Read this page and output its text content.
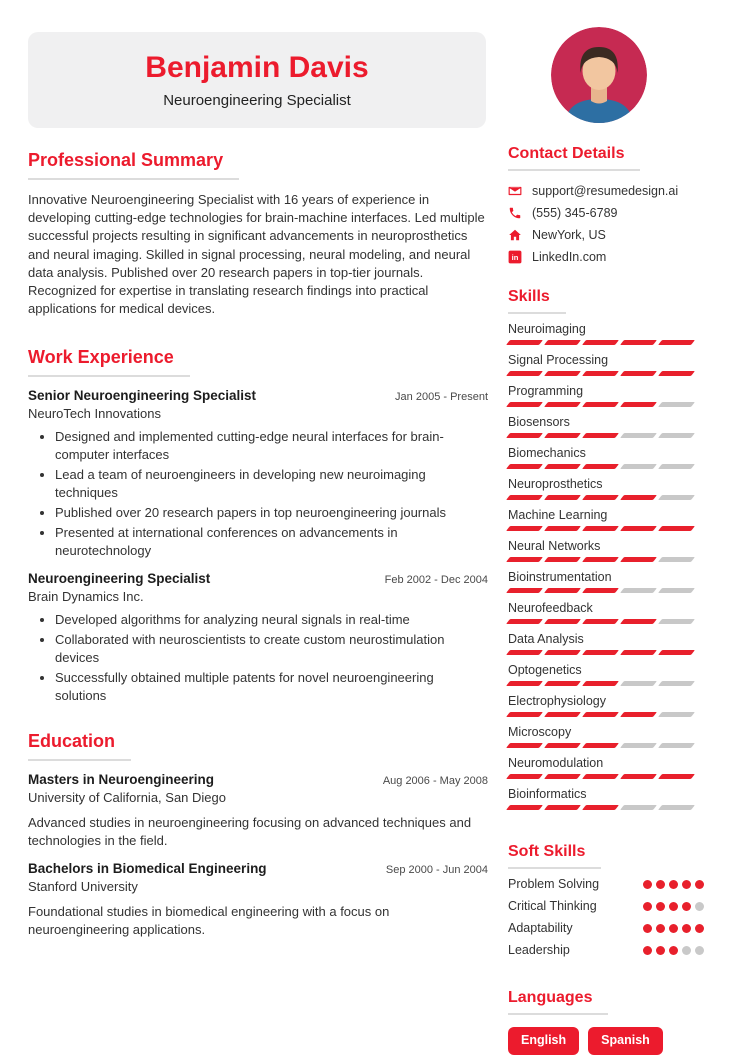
Benjamin Davis
Neuroengineering Specialist
Professional Summary

Innovative Neuroengineering Specialist with 16 years of experience in developing cutting-edge technologies for brain-machine interfaces. Led multiple successful projects resulting in significant advancements in neuroprosthetics and neural imaging. Skilled in signal processing, neural modeling, and neural data analysis. Published over 20 research papers in top-tier journals. Recognized for expertise in translating research findings into practical applications for medical devices.

Work Experience
Senior Neuroengineering Specialist	Jan 2005 - Present
NeuroTech Innovations
• Designed and implemented cutting-edge neural interfaces for brain-computer interfaces
• Lead a team of neuroengineers in developing new neuroimaging techniques
• Published over 20 research papers in top neuroengineering journals
• Presented at international conferences on advancements in neurotechnology
Neuroengineering Specialist	Feb 2002 - Dec 2004
Brain Dynamics Inc.
• Developed algorithms for analyzing neural signals in real-time
• Collaborated with neuroscientists to create custom neurostimulation devices
• Successfully obtained multiple patents for novel neuroengineering solutions
Education
Masters in Neuroengineering	Aug 2006 - May 2008
University of California, San Diego

Advanced studies in neuroengineering focusing on advanced techniques and technologies in the field.

Bachelors in Biomedical Engineering	Sep 2000 - Jun 2004
Stanford University

Foundational studies in biomedical engineering with a focus on neuroengineering applications.

Contact Details
support@resumedesign.ai
(555) 345-6789
NewYork, US
in LinkedIn.com
Skills
Neuroimaging
Signal Processing
Programming
Biosensors
Biomechanics
Neuroprosthetics
Machine Learning
Neural Networks
Bioinstrumentation
Neurofeedback
Data Analysis
Optogenetics
Electrophysiology
Microscopy
Neuromodulation
Bioinformatics
Soft Skills
Problem Solving
Critical Thinking
Adaptability
Leadership
Languages
English	Spanish
